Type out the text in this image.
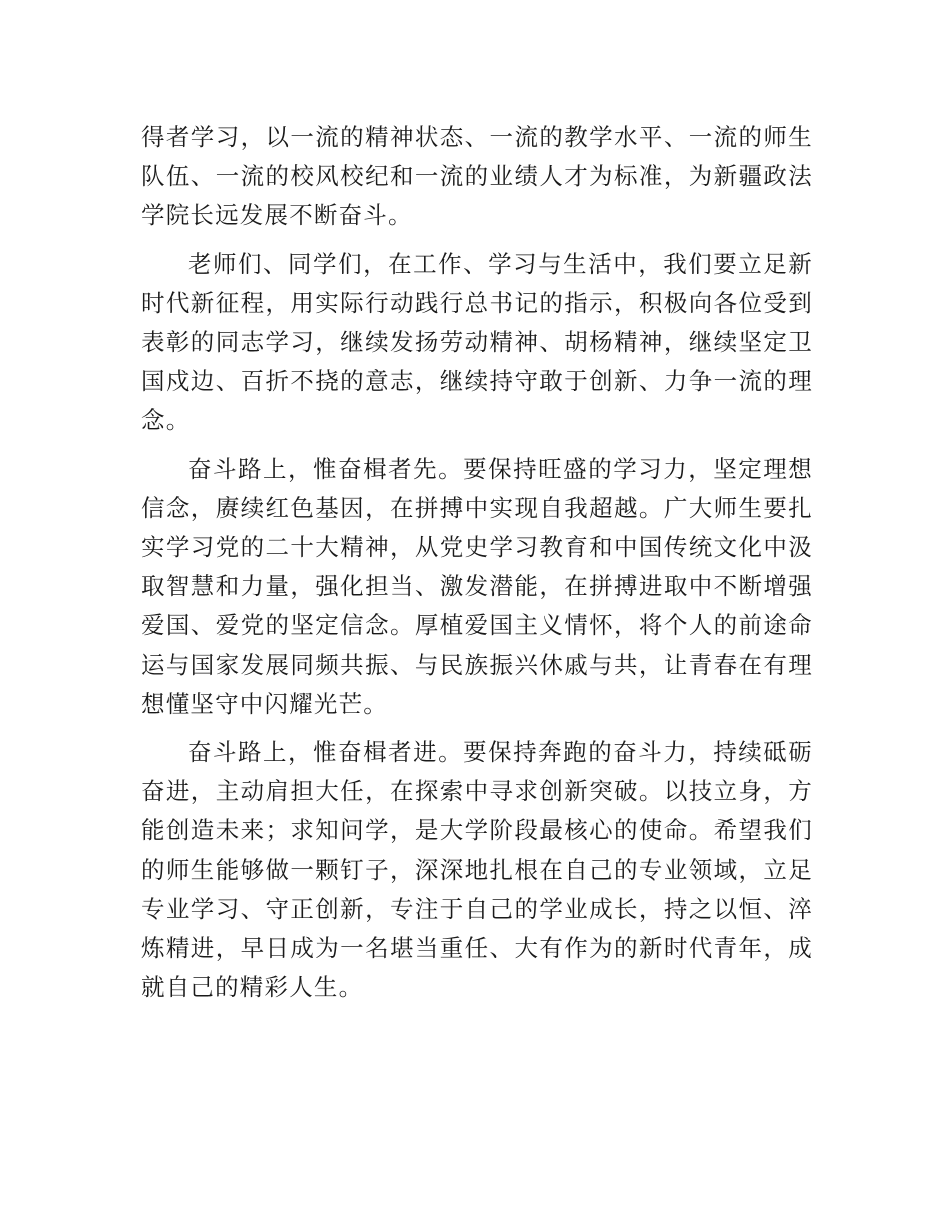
得者学习，以一流的精神状态、一流的教学水平、一流的师生队伍、一流的校风校纪和一流的业绩人才为标准，为新疆政法学院长远发展不断奋斗。

老师们、同学们，在工作、学习与生活中，我们要立足新时代新征程，用实际行动践行总书记的指示，积极向各位受到表彰的同志学习，继续发扬劳动精神、胡杨精神，继续坚定卫国戍边、百折不挠的意志，继续持守敢于创新、力争一流的理念。

奋斗路上，惟奋楫者先。要保持旺盛的学习力，坚定理想信念，赓续红色基因，在拼搏中实现自我超越。广大师生要扎实学习党的二十大精神，从党史学习教育和中国传统文化中汲取智慧和力量，强化担当、激发潜能，在拼搏进取中不断增强爱国、爱党的坚定信念。厚植爱国主义情怀，将个人的前途命运与国家发展同频共振、与民族振兴休戚与共，让青春在有理想懂坚守中闪耀光芒。

奋斗路上，惟奋楫者进。要保持奔跑的奋斗力，持续砥砺奋进，主动肩担大任，在探索中寻求创新突破。以技立身，方能创造未来；求知问学，是大学阶段最核心的使命。希望我们的师生能够做一颗钉子，深深地扎根在自己的专业领域，立足专业学习、守正创新，专注于自己的学业成长，持之以恒、淬炼精进，早日成为一名堪当重任、大有作为的新时代青年，成就自己的精彩人生。
